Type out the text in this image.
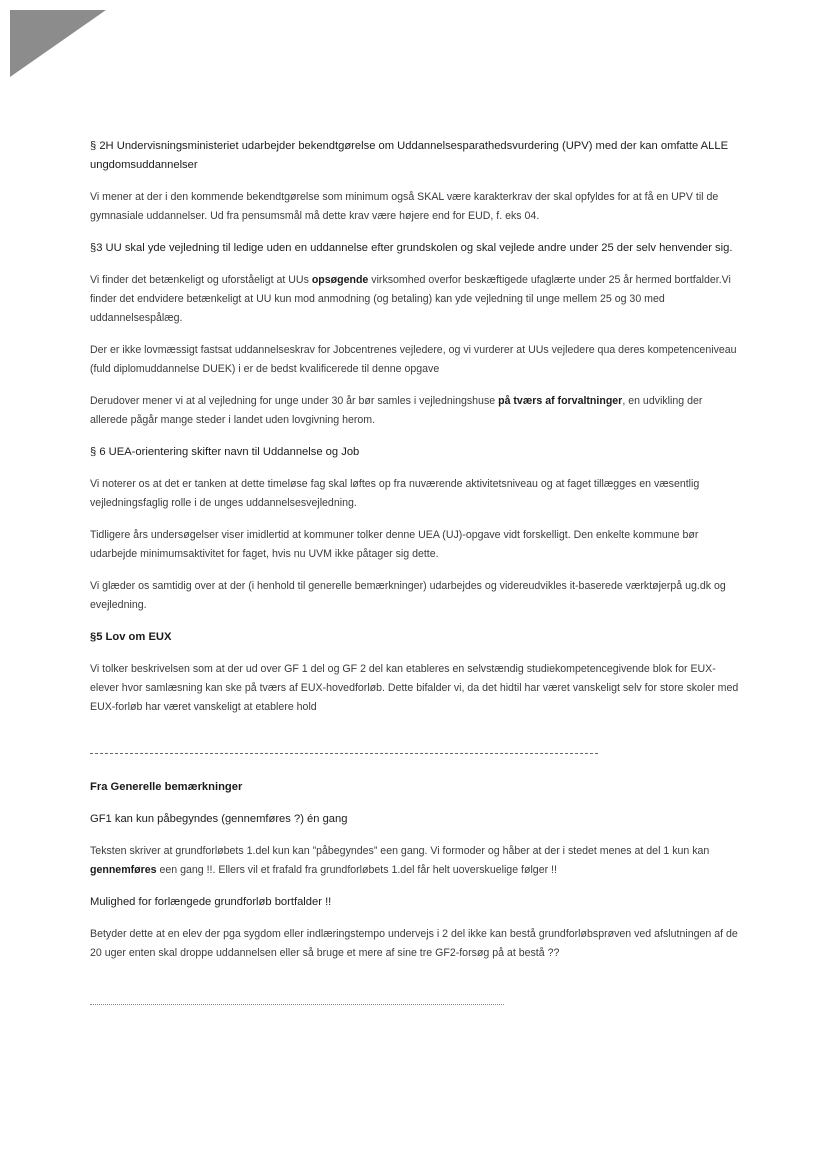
§ 2H Undervisningsministeriet udarbejder bekendtgørelse om Uddannelsesparathedsvurdering (UPV) med der kan omfatte ALLE ungdomsuddannelser

Vi mener at der i den kommende bekendtgørelse som minimum også SKAL være karakterkrav der skal opfyldes for at få en UPV til de gymnasiale uddannelser. Ud fra pensumsmål må dette krav være højere end for EUD, f. eks 04.

§3 UU skal yde vejledning til ledige uden en uddannelse efter grundskolen og skal vejlede andre under 25 der selv henvender sig.

Vi finder det betænkeligt og uforståeligt at UUs opsøgende virksomhed overfor beskæftigede ufaglærte under 25 år hermed bortfalder.Vi finder det endvidere betænkeligt at UU kun mod anmodning (og betaling) kan yde vejledning til unge mellem 25 og 30 med uddannelsespålæg.

Der er ikke lovmæssigt fastsat uddannelseskrav for Jobcentrenes vejledere, og vi vurderer at UUs vejledere qua deres kompetenceniveau (fuld diplomuddannelse DUEK) i er de bedst kvalificerede til denne opgave

Derudover mener vi at al vejledning for unge under 30 år bør samles i vejledningshuse på tværs af forvaltninger, en udvikling der allerede pågår mange steder i landet uden lovgivning herom.

§ 6 UEA-orientering skifter navn til Uddannelse og Job

Vi noterer os at det er tanken at dette timeløse fag skal løftes op fra nuværende aktivitetsniveau og at faget tillægges en væsentlig vejledningsfaglig rolle i de unges uddannelsesvejledning.

Tidligere års undersøgelser viser imidlertid at kommuner tolker denne UEA (UJ)-opgave vidt forskelligt. Den enkelte kommune bør udarbejde minimumsaktivitet for faget, hvis nu UVM ikke påtager sig dette.

Vi glæder os samtidig over at der (i henhold til generelle bemærkninger) udarbejdes og videreudvikles it-baserede værktøjerpå ug.dk og evejledning.

§5 Lov om EUX

Vi tolker beskrivelsen som at der ud over GF 1 del og GF 2 del kan etableres en selvstændig studiekompetencegivende blok for EUX-elever hvor samlæsning kan ske på tværs af EUX-hovedforløb. Dette bifalder vi, da det hidtil har været vanskeligt selv for store skoler med EUX-forløb har været vanskeligt at etablere hold

Fra Generelle bemærkninger

GF1 kan kun påbegyndes (gennemføres ?) én gang

Teksten skriver at grundforløbets 1.del kun kan ”påbegyndes” een gang. Vi formoder og håber at der i stedet menes at del 1 kun kan gennemføres een gang !!. Ellers vil et frafald fra grundforløbets 1.del får helt uoverskuelige følger !!

Mulighed for forlængede grundforløb bortfalder !!

Betyder dette at en elev der pga sygdom eller indlæringstempo undervejs i 2 del ikke kan bestå grundforløbsprøven ved afslutningen af de 20 uger enten skal droppe uddannelsen eller så bruge et mere af sine tre GF2-forsøg på at bestå ??
